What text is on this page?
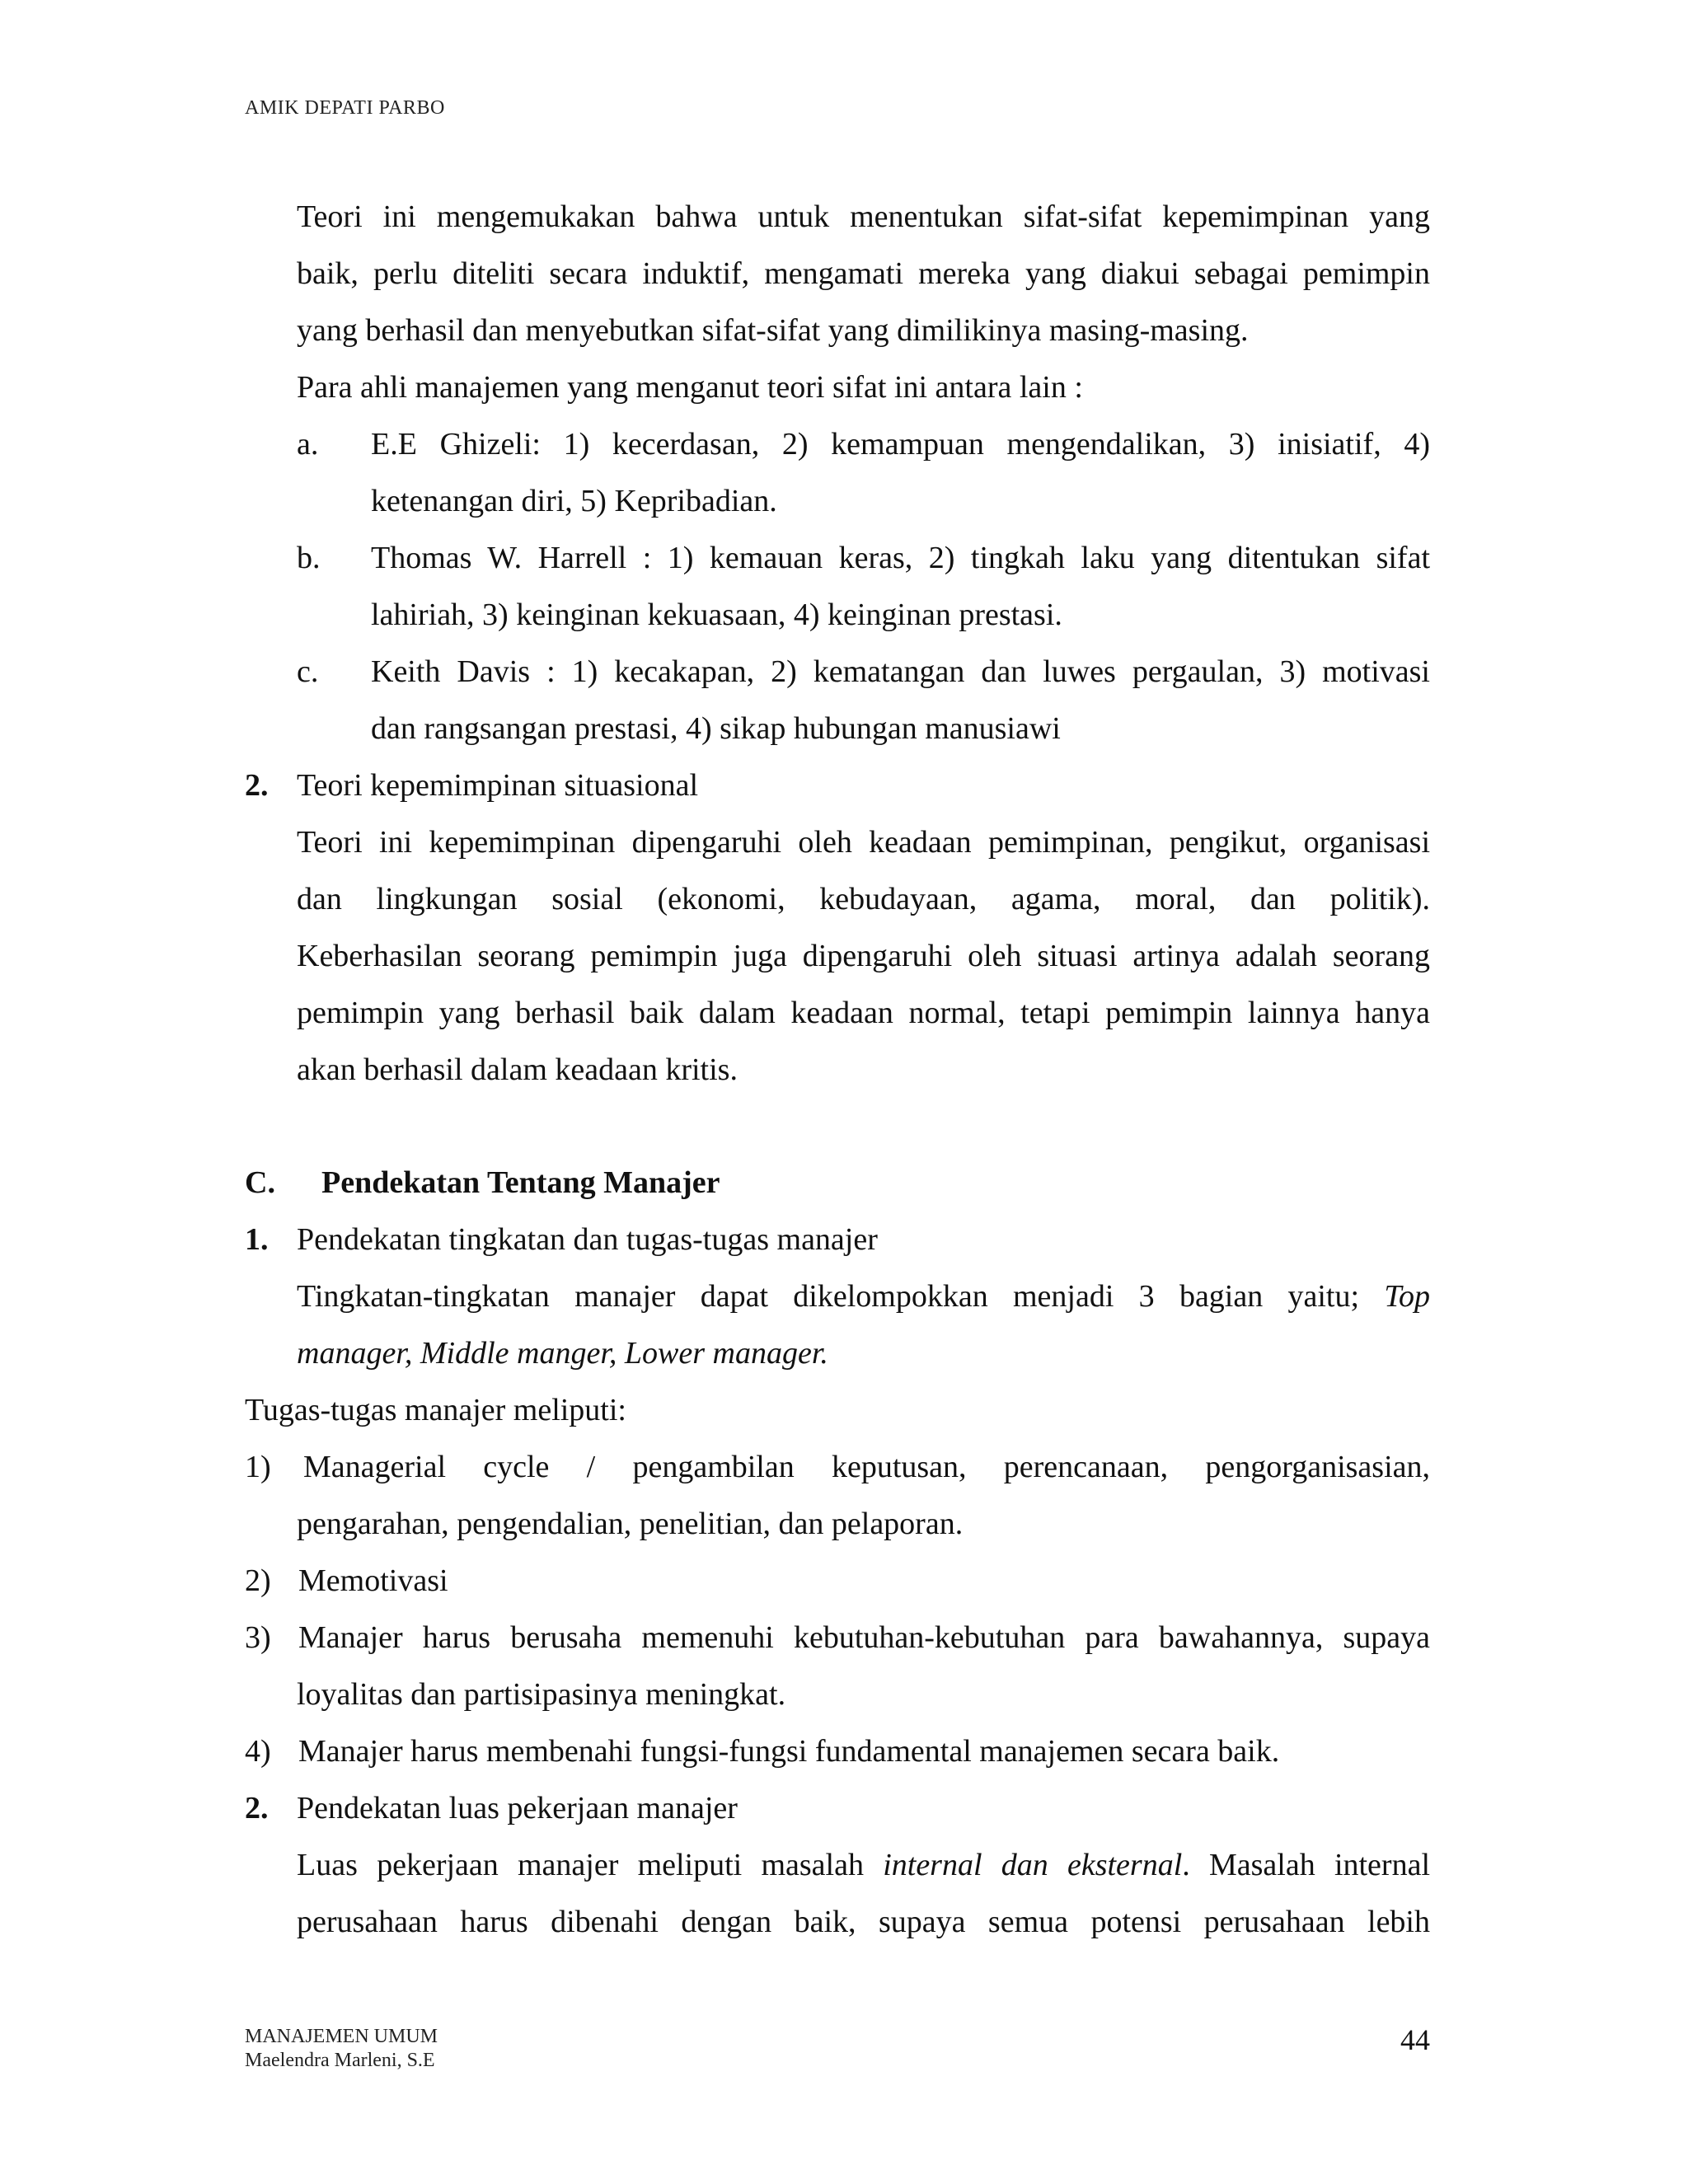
AMIK DEPATI PARBO
Teori ini mengemukakan bahwa untuk menentukan sifat-sifat kepemimpinan yang
baik, perlu diteliti secara induktif, mengamati mereka yang diakui sebagai pemimpin
yang berhasil dan menyebutkan sifat-sifat yang dimilikinya masing-masing.
Para ahli manajemen yang menganut teori sifat ini antara lain :
a. E.E Ghizeli: 1) kecerdasan, 2) kemampuan mengendalikan, 3) inisiatif, 4)
ketenangan diri, 5) Kepribadian.
b. Thomas W. Harrell : 1) kemauan keras, 2) tingkah laku yang ditentukan sifat
lahiriah, 3) keinginan kekuasaan, 4) keinginan prestasi.
c. Keith Davis : 1) kecakapan, 2) kematangan dan luwes pergaulan, 3) motivasi
dan rangsangan prestasi, 4) sikap hubungan manusiawi
2. Teori kepemimpinan situasional
Teori ini kepemimpinan dipengaruhi oleh keadaan pemimpinan, pengikut, organisasi
dan lingkungan sosial (ekonomi, kebudayaan, agama, moral, dan politik).
Keberhasilan seorang pemimpin juga dipengaruhi oleh situasi artinya adalah seorang
pemimpin yang berhasil baik dalam keadaan normal, tetapi pemimpin lainnya hanya
akan berhasil dalam keadaan kritis.
C. Pendekatan Tentang Manajer
1. Pendekatan tingkatan dan tugas-tugas manajer
Tingkatan-tingkatan manajer dapat dikelompokkan menjadi 3 bagian yaitu; Top
manager, Middle manger, Lower manager.
Tugas-tugas manajer meliputi:
1) Managerial cycle / pengambilan keputusan, perencanaan, pengorganisasian,
pengarahan, pengendalian, penelitian, dan pelaporan.
2) Memotivasi
3) Manajer harus berusaha memenuhi kebutuhan-kebutuhan para bawahannya, supaya
loyalitas dan partisipasinya meningkat.
4) Manajer harus membenahi fungsi-fungsi fundamental manajemen secara baik.
2. Pendekatan luas pekerjaan manajer
Luas pekerjaan manajer meliputi masalah internal dan eksternal. Masalah internal
perusahaan harus dibenahi dengan baik, supaya semua potensi perusahaan lebih
MANAJEMEN UMUM
Maelendra Marleni, S.E
44
